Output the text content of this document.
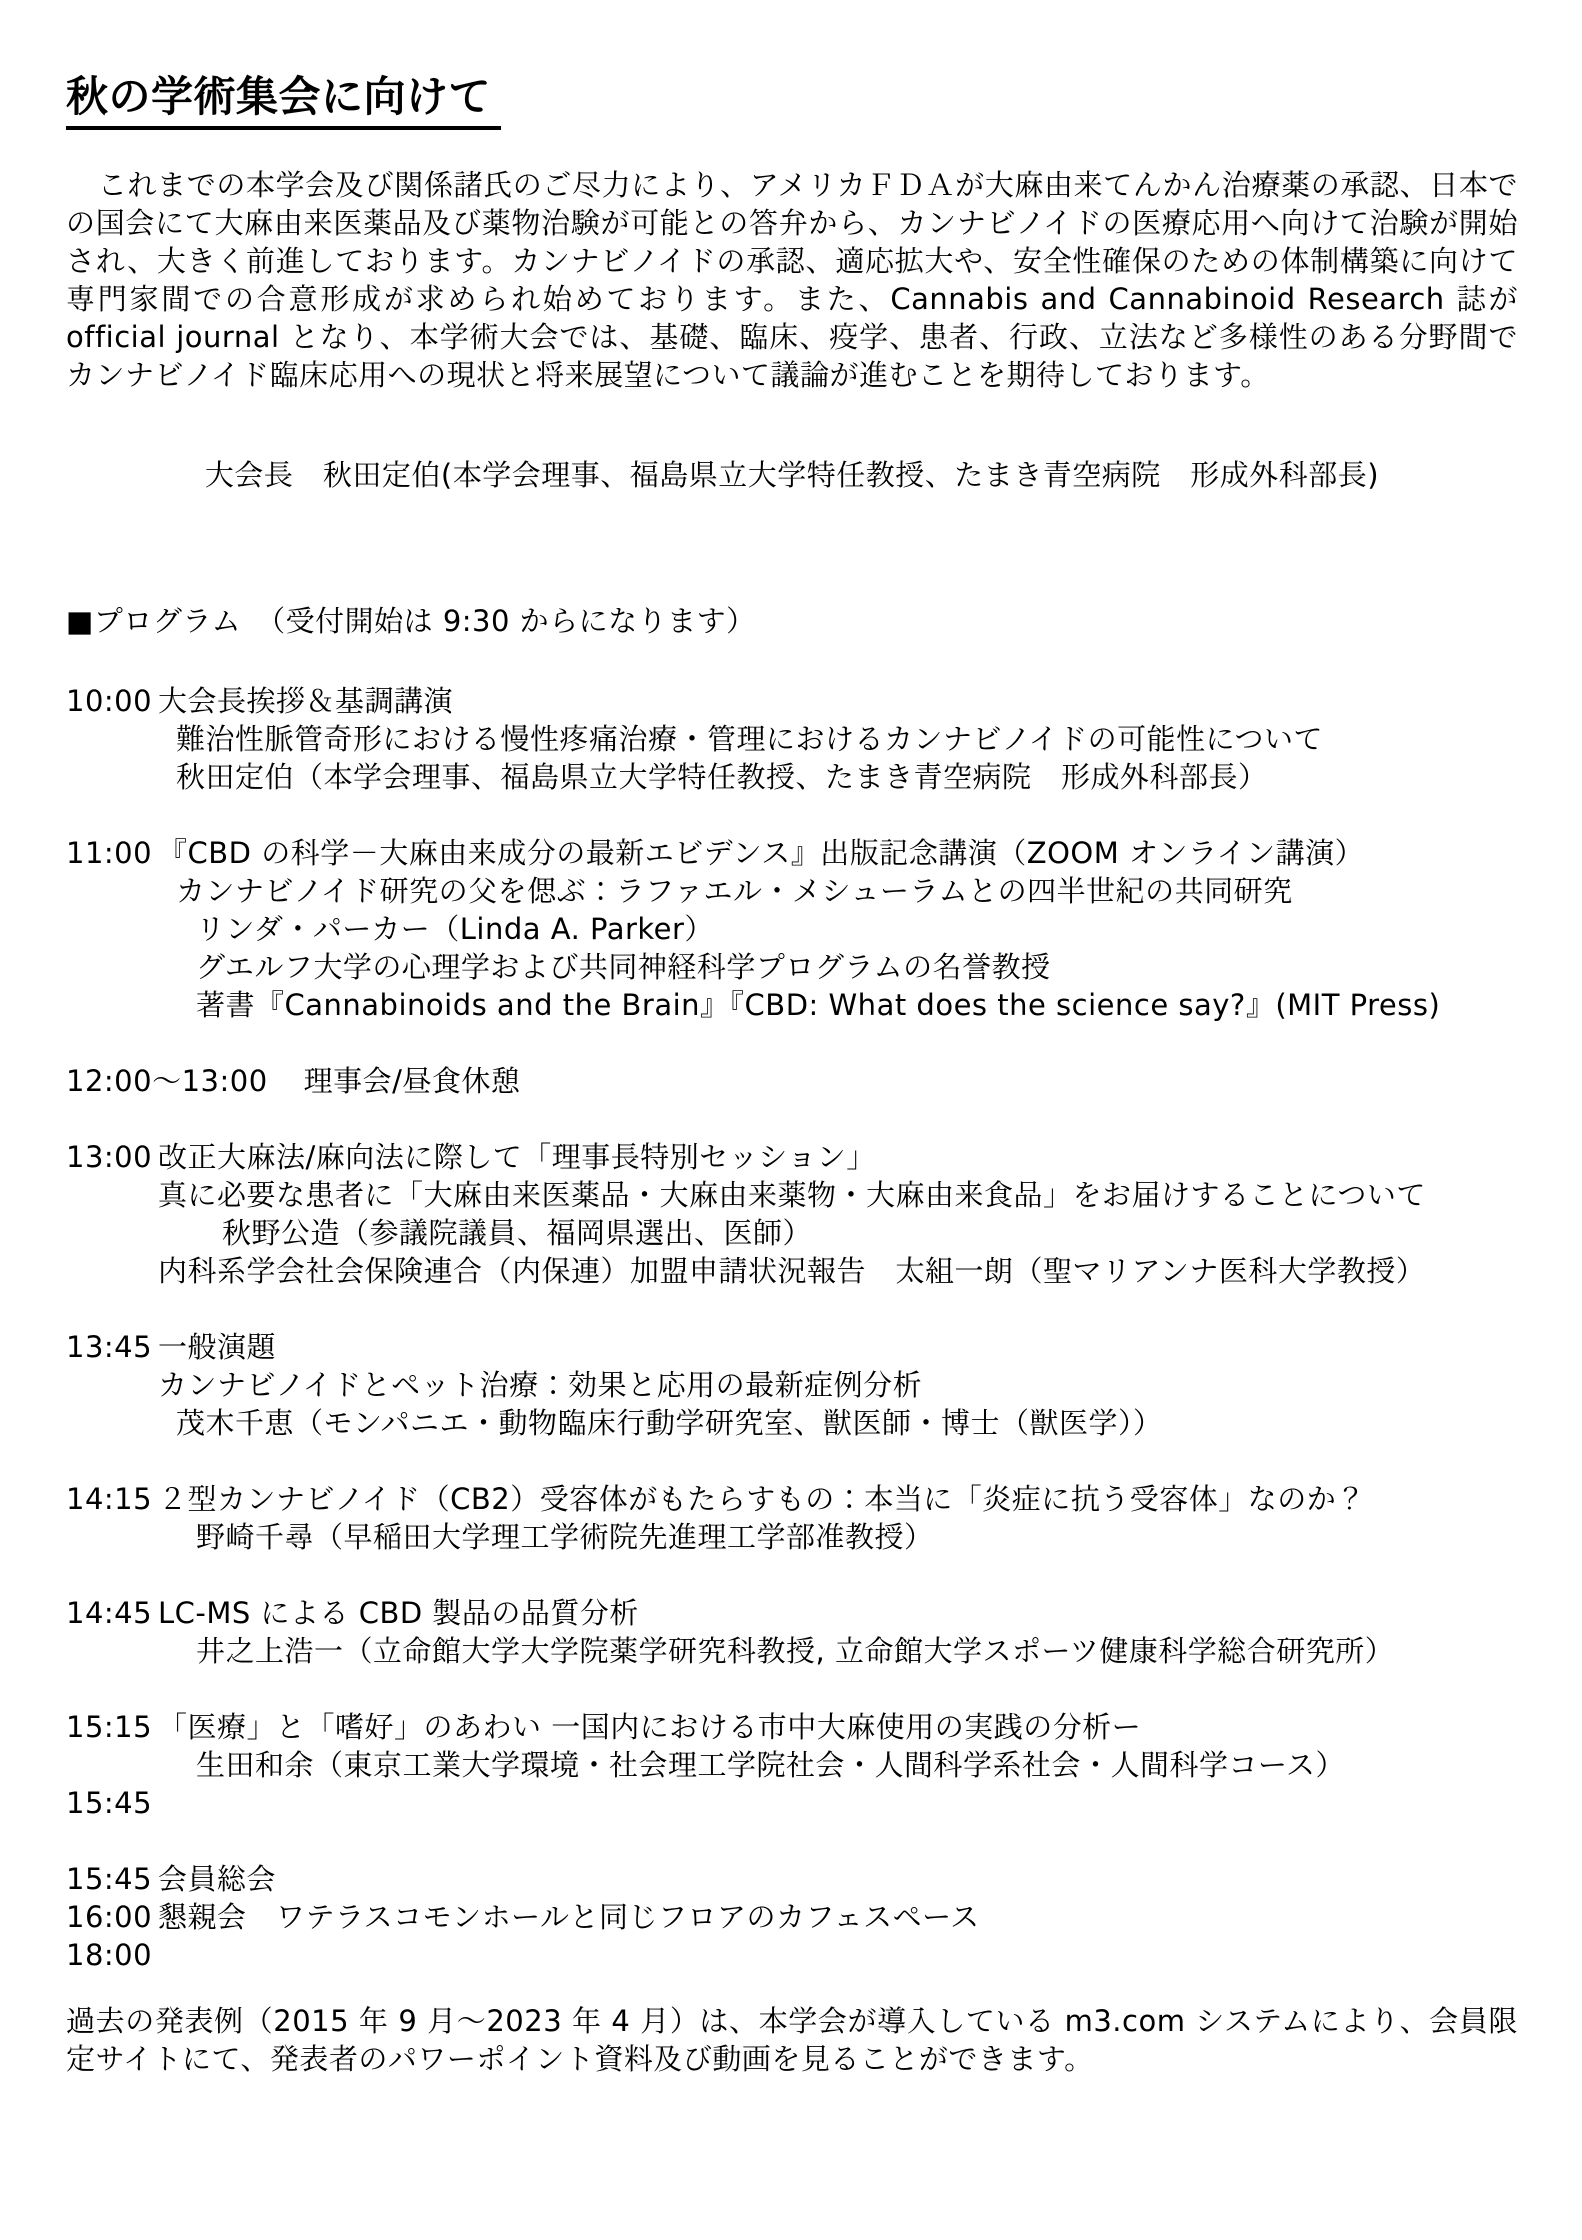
秋の学術集会に向けて

これまでの本学会及び関係諸氏のご尽力により、アメリカＦＤＡが大麻由来てんかん治療薬の承認、日本での国会にて大麻由来医薬品及び薬物治験が可能との答弁から、カンナビノイドの医療応用へ向けて治験が開始され、大きく前進しております。カンナビノイドの承認、適応拡大や、安全性確保のための体制構築に向けて専門家間での合意形成が求められ始めております。また、Cannabis and Cannabinoid Research 誌が official journal となり、本学術大会では、基礎、臨床、疫学、患者、行政、立法など多様性のある分野間でカンナビノイド臨床応用への現状と将来展望について議論が進むことを期待しております。

大会長　秋田定伯(本学会理事、福島県立大学特任教授、たまき青空病院　形成外科部長)
■プログラム　（受付開始は 9:30 からになります）
10:00 大会長挨拶＆基調講演
難治性脈管奇形における慢性疼痛治療・管理におけるカンナビノイドの可能性について
秋田定伯（本学会理事、福島県立大学特任教授、たまき青空病院　形成外科部長）
11:00 『CBD の科学－大麻由来成分の最新エビデンス』出版記念講演（ZOOM オンライン講演）
カンナビノイド研究の父を偲ぶ：ラファエル・メシューラムとの四半世紀の共同研究
リンダ・パーカー（Linda A. Parker）
グエルフ大学の心理学および共同神経科学プログラムの名誉教授
著書『Cannabinoids and the Brain』『CBD: What does the science say?』(MIT Press)
12:00～13:00 理事会/昼食休憩
13:00 改正大麻法/麻向法に際して「理事長特別セッション」
真に必要な患者に「大麻由来医薬品・大麻由来薬物・大麻由来食品」をお届けすることについて
秋野公造（参議院議員、福岡県選出、医師）
内科系学会社会保険連合（内保連）加盟申請状況報告　太組一朗（聖マリアンナ医科大学教授）
13:45 一般演題
カンナビノイドとペット治療：効果と応用の最新症例分析
茂木千恵（モンパニエ・動物臨床行動学研究室、獣医師・博士（獣医学））
14:15 ２型カンナビノイド（CB2）受容体がもたらすもの：本当に「炎症に抗う受容体」なのか？
野崎千尋（早稲田大学理工学術院先進理工学部准教授）
14:45 LC-MS による CBD 製品の品質分析
井之上浩一（立命館大学大学院薬学研究科教授, 立命館大学スポーツ健康科学総合研究所）
15:15 「医療」と「嗜好」のあわい 一国内における市中大麻使用の実践の分析ー
生田和余（東京工業大学環境・社会理工学院社会・人間科学系社会・人間科学コース）
15:45
15:45 会員総会
16:00 懇親会　ワテラスコモンホールと同じフロアのカフェスペース
18:00

過去の発表例（2015 年 9 月～2023 年 4 月）は、本学会が導入している m3.com システムにより、会員限定サイトにて、発表者のパワーポイント資料及び動画を見ることができます。
